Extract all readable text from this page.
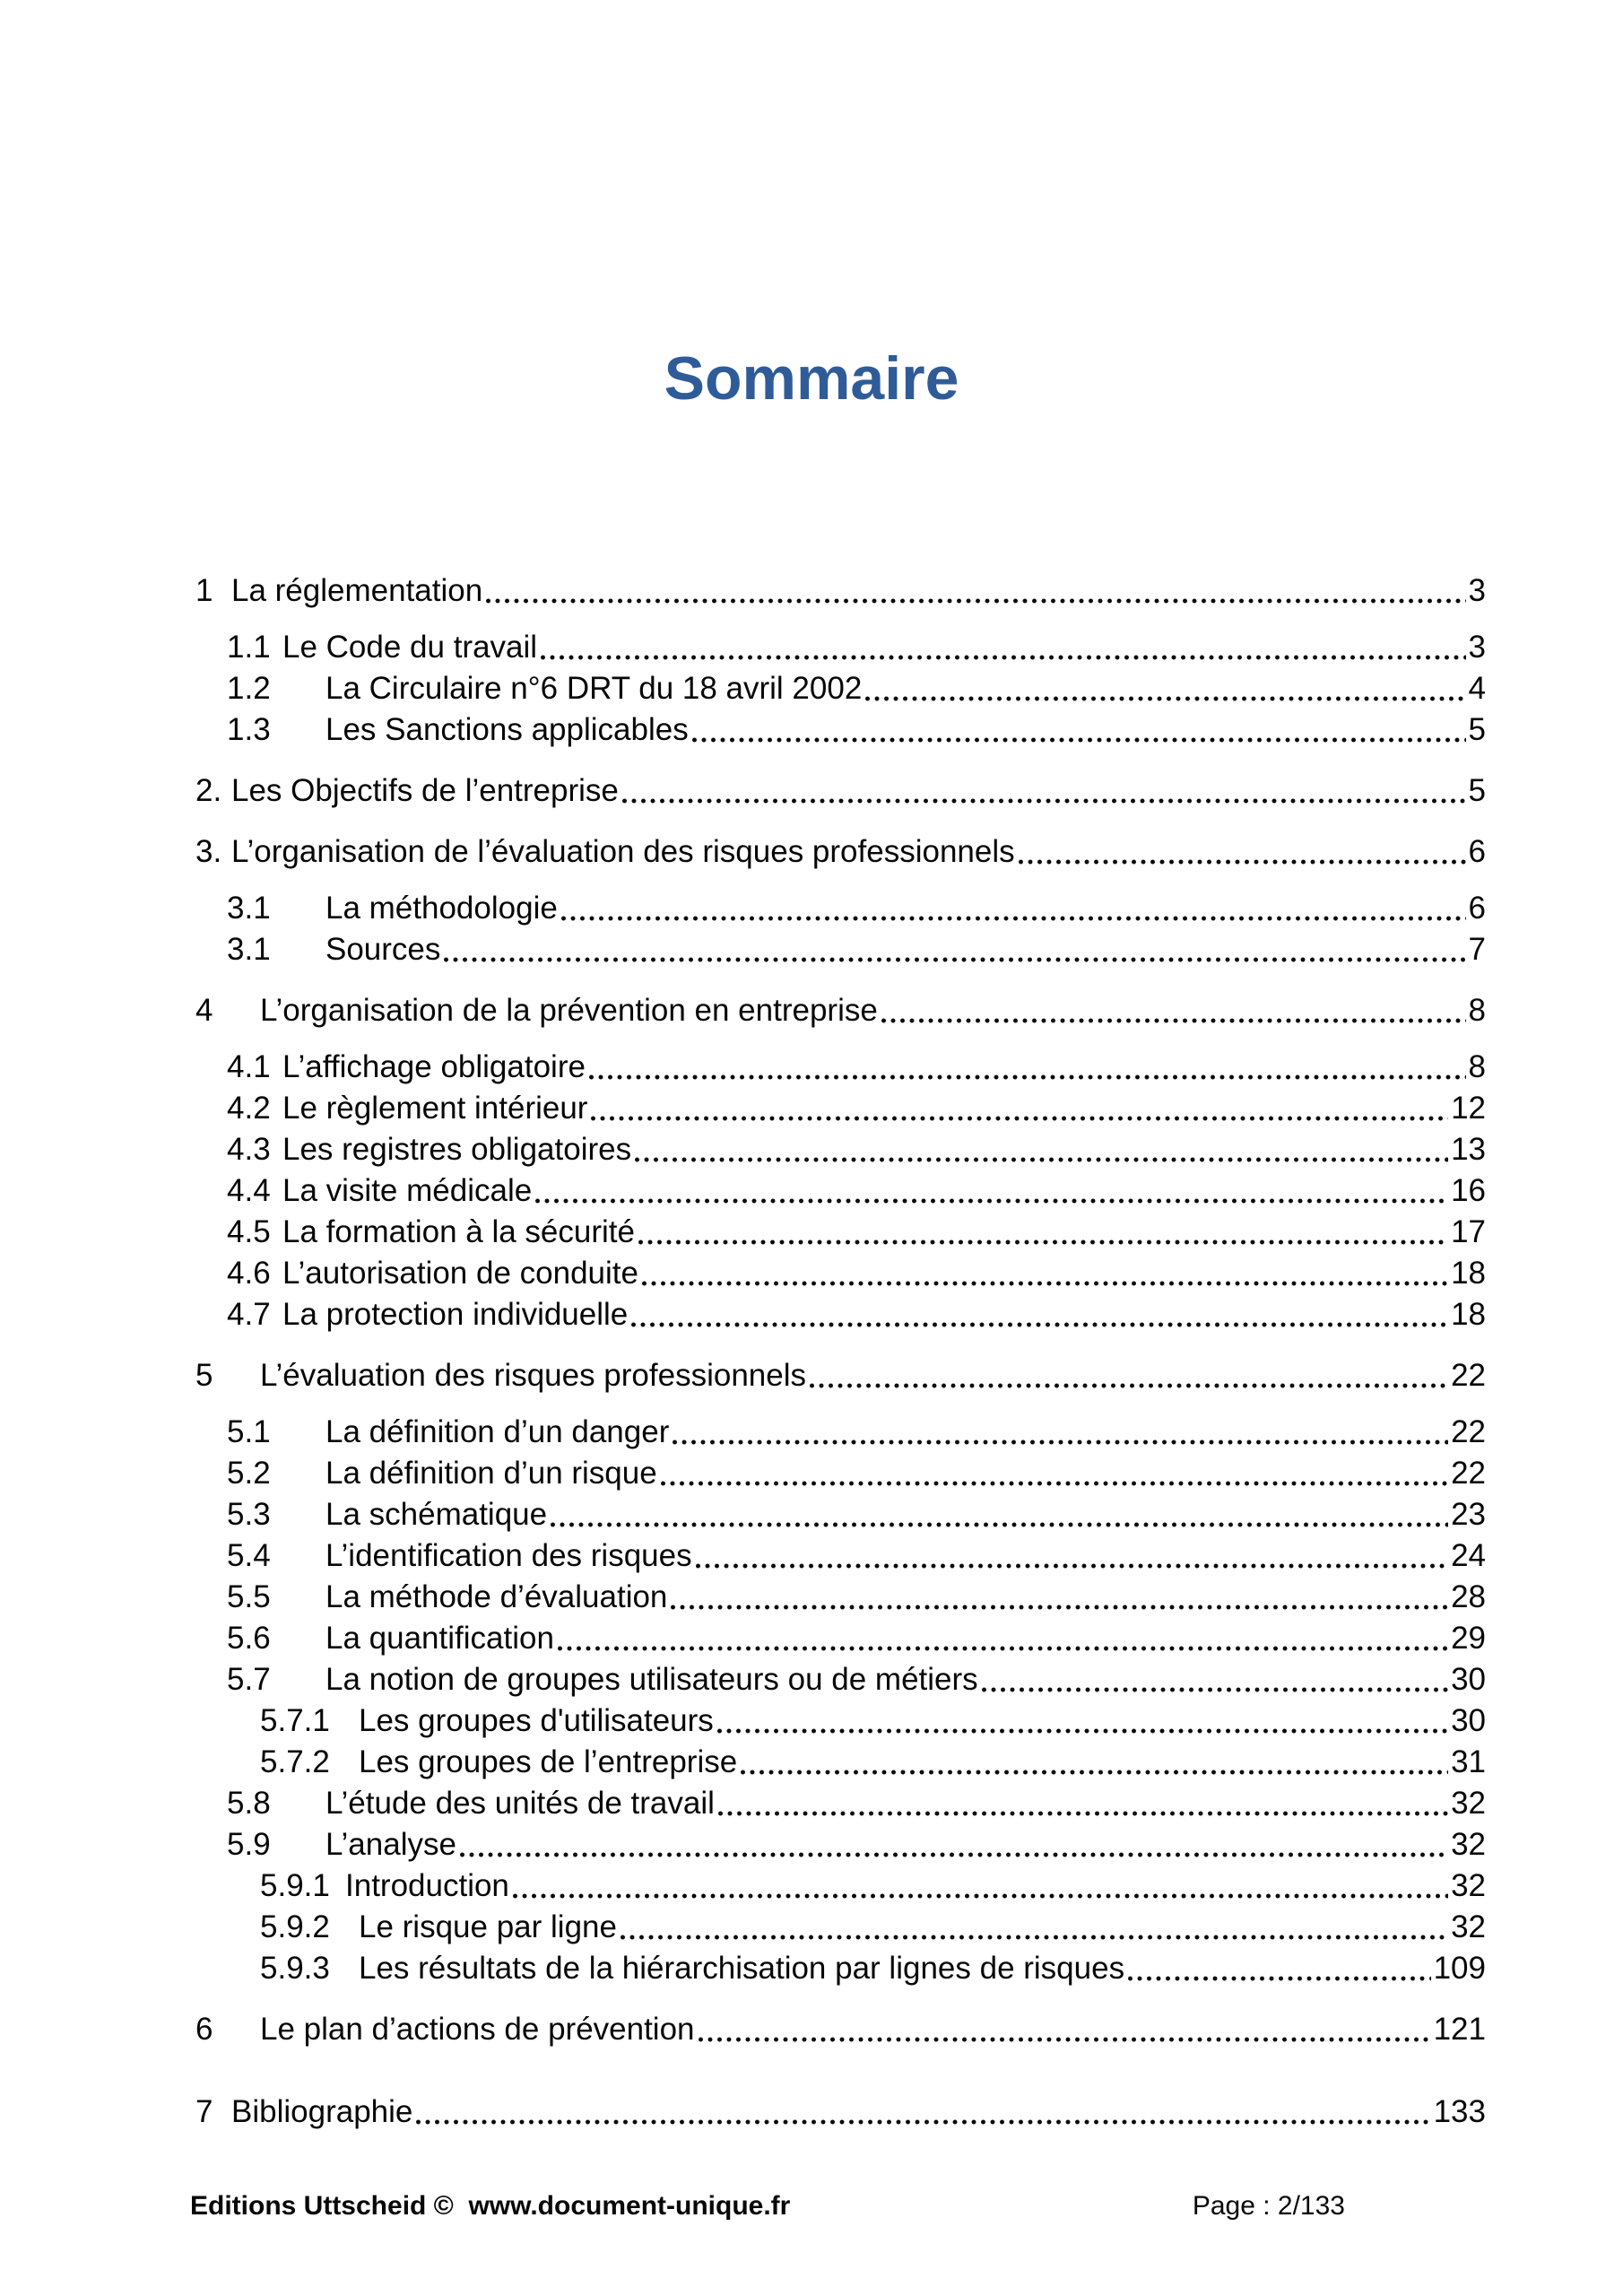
Sommaire
1 La réglementation	3
1.1 Le Code du travail	3
1.2	La Circulaire n°6 DRT du 18 avril 2002	4
1.3	Les Sanctions applicables	5
2. Les Objectifs de l’entreprise	5
3. L’organisation de l’évaluation des risques professionnels	6
3.1	La méthodologie	6
3.1	Sources	7
4	L’organisation de la prévention en entreprise	8
4.1 L’affichage obligatoire	8
4.2 Le règlement intérieur	12
4.3 Les registres obligatoires	13
4.4 La visite médicale	16
4.5 La formation à la sécurité	17
4.6 L’autorisation de conduite	18
4.7 La protection individuelle	18
5	L’évaluation des risques professionnels	22
5.1	La définition d’un danger	22
5.2	La définition d’un risque	22
5.3	La schématique	23
5.4	L’identification des risques	24
5.5	La méthode d’évaluation	28
5.6	La quantification	29
5.7	La notion de groupes utilisateurs ou de métiers	30
5.7.1 Les groupes d'utilisateurs	30
5.7.2 Les groupes de l’entreprise	31
5.8	L’étude des unités de travail	32
5.9	L’analyse	32
5.9.1 Introduction	32
5.9.2 Le risque par ligne	32
5.9.3 Les résultats de la hiérarchisation par lignes de risques	109
6	Le plan d’actions de prévention	121
7 Bibliographie	133
Editions Uttscheid ©  www.document-unique.fr	Page : 2/133
